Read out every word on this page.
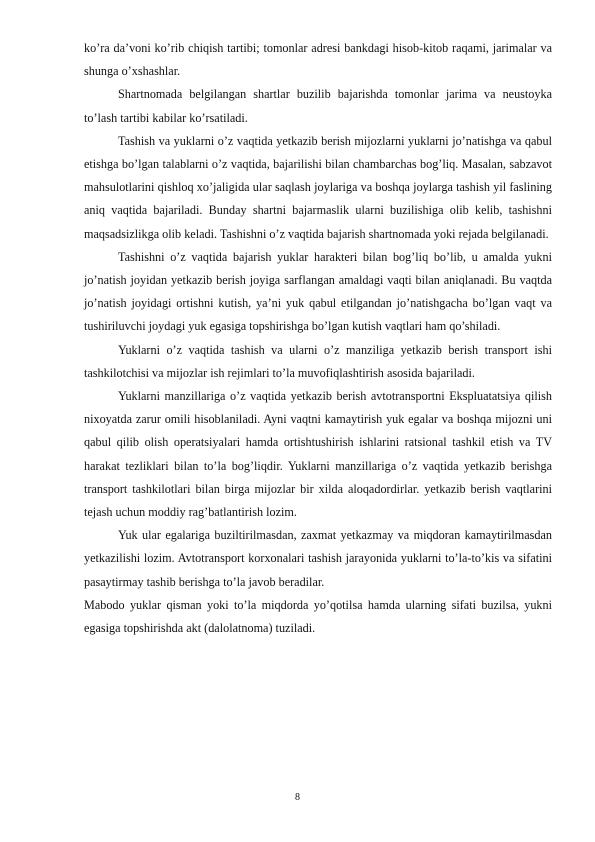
ko’ra da’voni ko’rib chiqish tartibi; tomonlar adresi bankdagi hisob-kitob raqami, jarimalar va shunga o’xshashlar.

Shartnomada belgilangan shartlar buzilib bajarishda tomonlar jarima va neustoyka to’lash tartibi kabilar ko’rsatiladi.

Tashish va yuklarni o’z vaqtida yetkazib berish mijozlarni yuklarni jo’natishga va qabul etishga bo’lgan talablarni o’z vaqtida, bajarilishi bilan chambarchas bog’liq. Masalan, sabzavot mahsulotlarini qishloq xo’jaligida ular saqlash joylariga va boshqa joylarga tashish yil faslining aniq vaqtida bajariladi. Bunday shartni bajarmaslik ularni buzilishiga olib kelib, tashishni maqsadsizlikga olib keladi. Tashishni o’z vaqtida bajarish shartnomada yoki rejada belgilanadi.

Tashishni o’z vaqtida bajarish yuklar harakteri bilan bog’liq bo’lib, u amalda yukni jo’natish joyidan yetkazib berish joyiga sarflangan amaldagi vaqti bilan aniqlanadi. Bu vaqtda jo’natish joyidagi ortishni kutish, ya’ni yuk qabul etilgandan jo’natishgacha bo’lgan vaqt va tushiriluvchi joydagi yuk egasiga topshirishga bo’lgan kutish vaqtlari ham qo’shiladi.

Yuklarni o’z vaqtida tashish va ularni o’z manziliga yetkazib berish transport ishi tashkilotchisi va mijozlar ish rejimlari to’la muvofiqlashtirish asosida bajariladi.

Yuklarni manzillariga o’z vaqtida yetkazib berish avtotransportni Ekspluatatsiya qilish nixoyatda zarur omili hisoblaniladi. Ayni vaqtni kamaytirish yuk egalar va boshqa mijozni uni qabul qilib olish operatsiyalari hamda ortishtushirish ishlarini ratsional tashkil etish va TV harakat tezliklari bilan to’la bog’liqdir. Yuklarni manzillariga o’z vaqtida yetkazib berishga transport tashkilotlari bilan birga mijozlar bir xilda aloqadordirlar. yetkazib berish vaqtlarini tejash uchun moddiy rag’batlantirish lozim.

Yuk ular egalariga buziltirilmasdan, zaxmat yetkazmay va miqdoran kamaytirilmasdan yetkazilishi lozim. Avtotransport korxonalari tashish jarayonida yuklarni to’la-to’kis va sifatini pasaytirmay tashib berishga to’la javob beradilar.

Mabodo yuklar qisman yoki to’la miqdorda yo’qotilsa hamda ularning sifati buzilsa, yukni egasiga topshirishda akt (dalolatnoma) tuziladi.

8
